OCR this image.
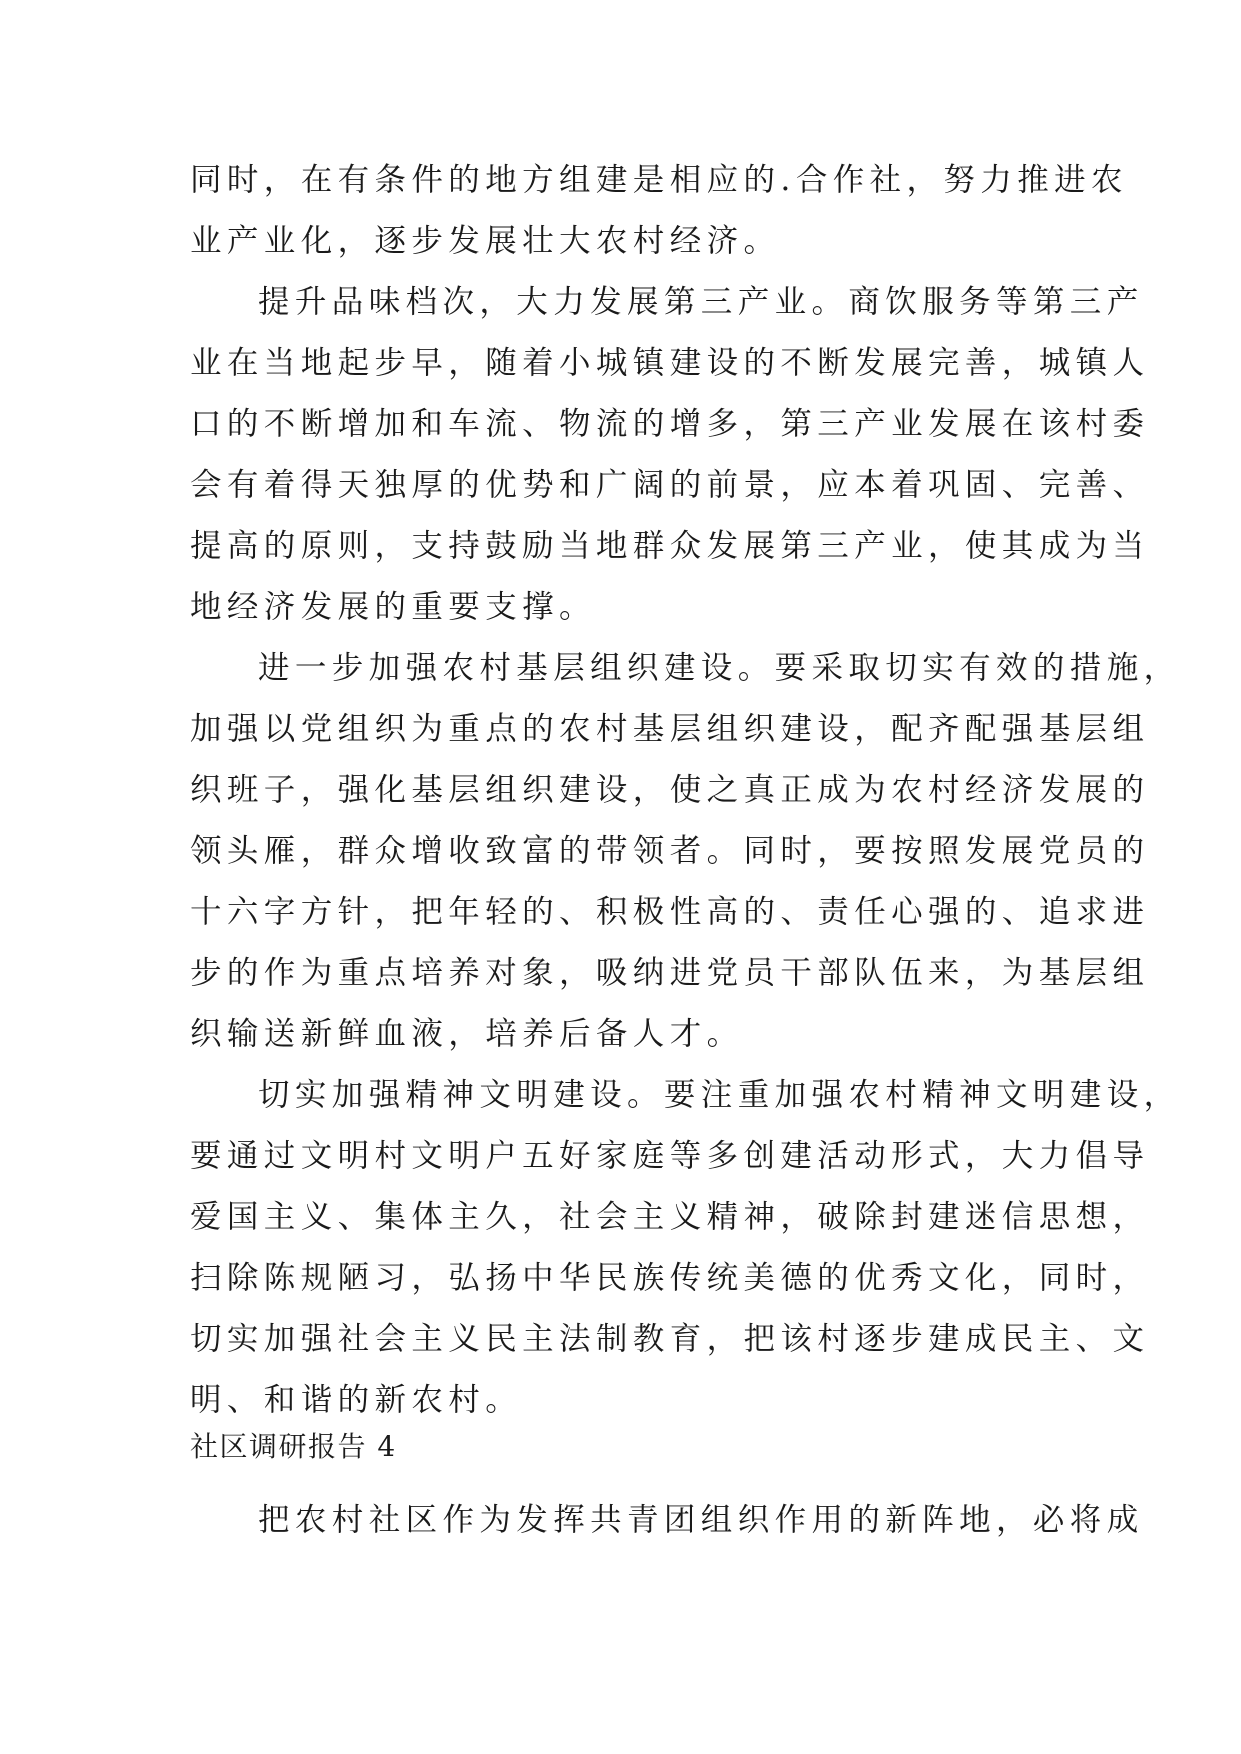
同时，在有条件的地方组建是相应的.合作社，努力推进农
业产业化，逐步发展壮大农村经济。
提升品味档次，大力发展第三产业。商饮服务等第三产
业在当地起步早，随着小城镇建设的不断发展完善，城镇人
口的不断增加和车流、物流的增多，第三产业发展在该村委
会有着得天独厚的优势和广阔的前景，应本着巩固、完善、
提高的原则，支持鼓励当地群众发展第三产业，使其成为当
地经济发展的重要支撑。
进一步加强农村基层组织建设。要采取切实有效的措施，
加强以党组织为重点的农村基层组织建设，配齐配强基层组
织班子，强化基层组织建设，使之真正成为农村经济发展的
领头雁，群众增收致富的带领者。同时，要按照发展党员的
十六字方针，把年轻的、积极性高的、责任心强的、追求进
步的作为重点培养对象，吸纳进党员干部队伍来，为基层组
织输送新鲜血液，培养后备人才。
切实加强精神文明建设。要注重加强农村精神文明建设，
要通过文明村文明户五好家庭等多创建活动形式，大力倡导
爱国主义、集体主久，社会主义精神，破除封建迷信思想，
扫除陈规陋习，弘扬中华民族传统美德的优秀文化，同时，
切实加强社会主义民主法制教育，把该村逐步建成民主、文
明、和谐的新农村。
社区调研报告 4
把农村社区作为发挥共青团组织作用的新阵地，必将成
